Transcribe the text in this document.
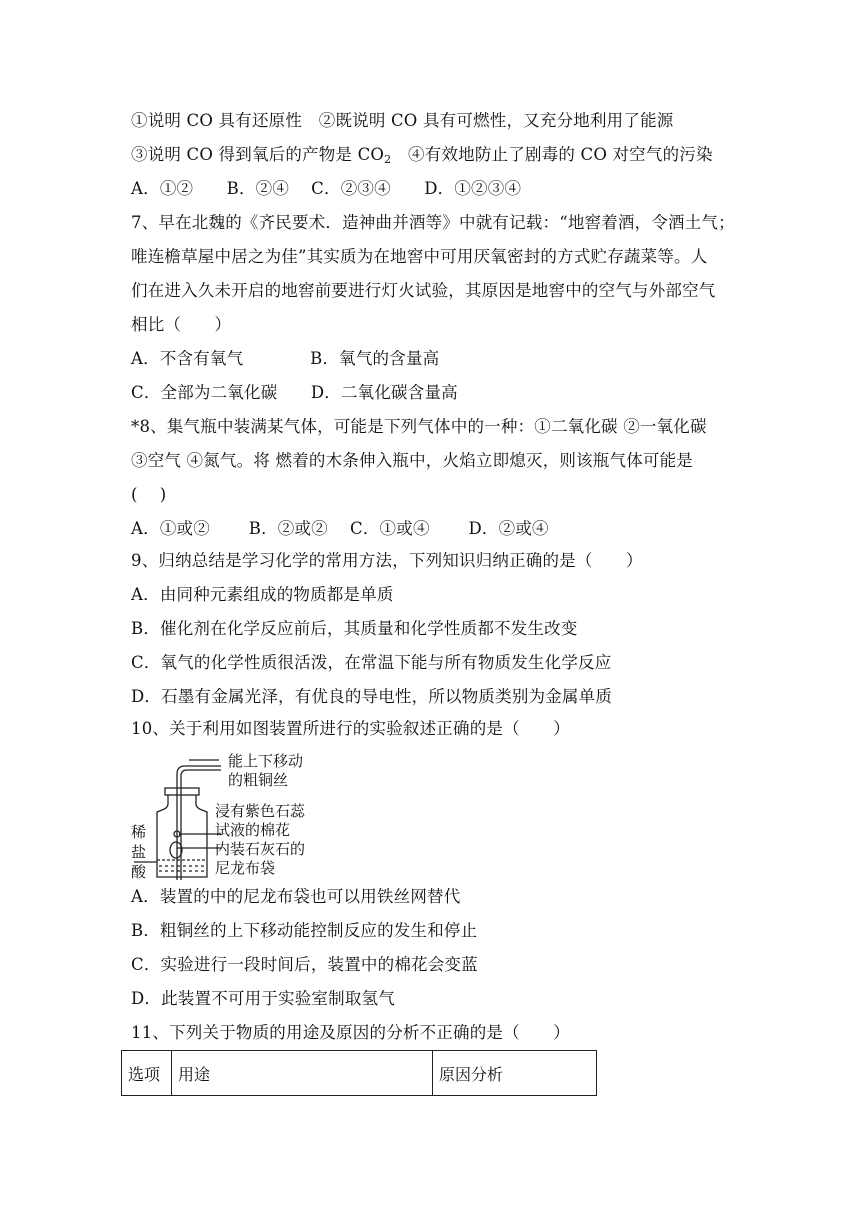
①说明 CO 具有还原性　②既说明 CO 具有可燃性，又充分地利用了能源
③说明 CO 得到氧后的产物是 $CO_2$　④有效地防止了剧毒的 CO 对空气的污染
A．①②　　B．②④　 C．②③④　　D．①②③④
7、早在北魏的《齐民要术．造神曲并酒等》中就有记载：“地窖着酒，令酒土气；
唯连檐草屋中居之为佳”其实质为在地窖中可用厌氧密封的方式贮存蔬菜等。人
们在进入久未开启的地窖前要进行灯火试验，其原因是地窖中的空气与外部空气
相比（　　）
A．不含有氧气　　　　B．氧气的含量高
C．全部为二氧化碳　　D．二氧化碳含量高
*8、集气瓶中装满某气体，可能是下列气体中的一种：①二氧化碳 ②一氧化碳
③空气 ④氮气。将 燃着的木条伸入瓶中，火焰立即熄灭，则该瓶气体可能是
(　 )
A．①或②　　 B．②或②　 C．①或④　　 D．②或④
9、归纳总结是学习化学的常用方法，下列知识归纳正确的是（　　）
A．由同种元素组成的物质都是单质
B．催化剂在化学反应前后，其质量和化学性质都不发生改变
C．氧气的化学性质很活泼，在常温下能与所有物质发生化学反应
D．石墨有金属光泽，有优良的导电性，所以物质类别为金属单质
10、关于利用如图装置所进行的实验叙述正确的是（　　）
能上下移动
的粗铜丝
浸有紫色石蕊
试液的棉花
内装石灰石的
尼龙布袋
稀
盐
酸
A．装置的中的尼龙布袋也可以用铁丝网替代
B．粗铜丝的上下移动能控制反应的发生和停止
C．实验进行一段时间后，装置中的棉花会变蓝
D．此装置不可用于实验室制取氢气
11、下列关于物质的用途及原因的分析不正确的是（　　）
选项	用途	原因分析
